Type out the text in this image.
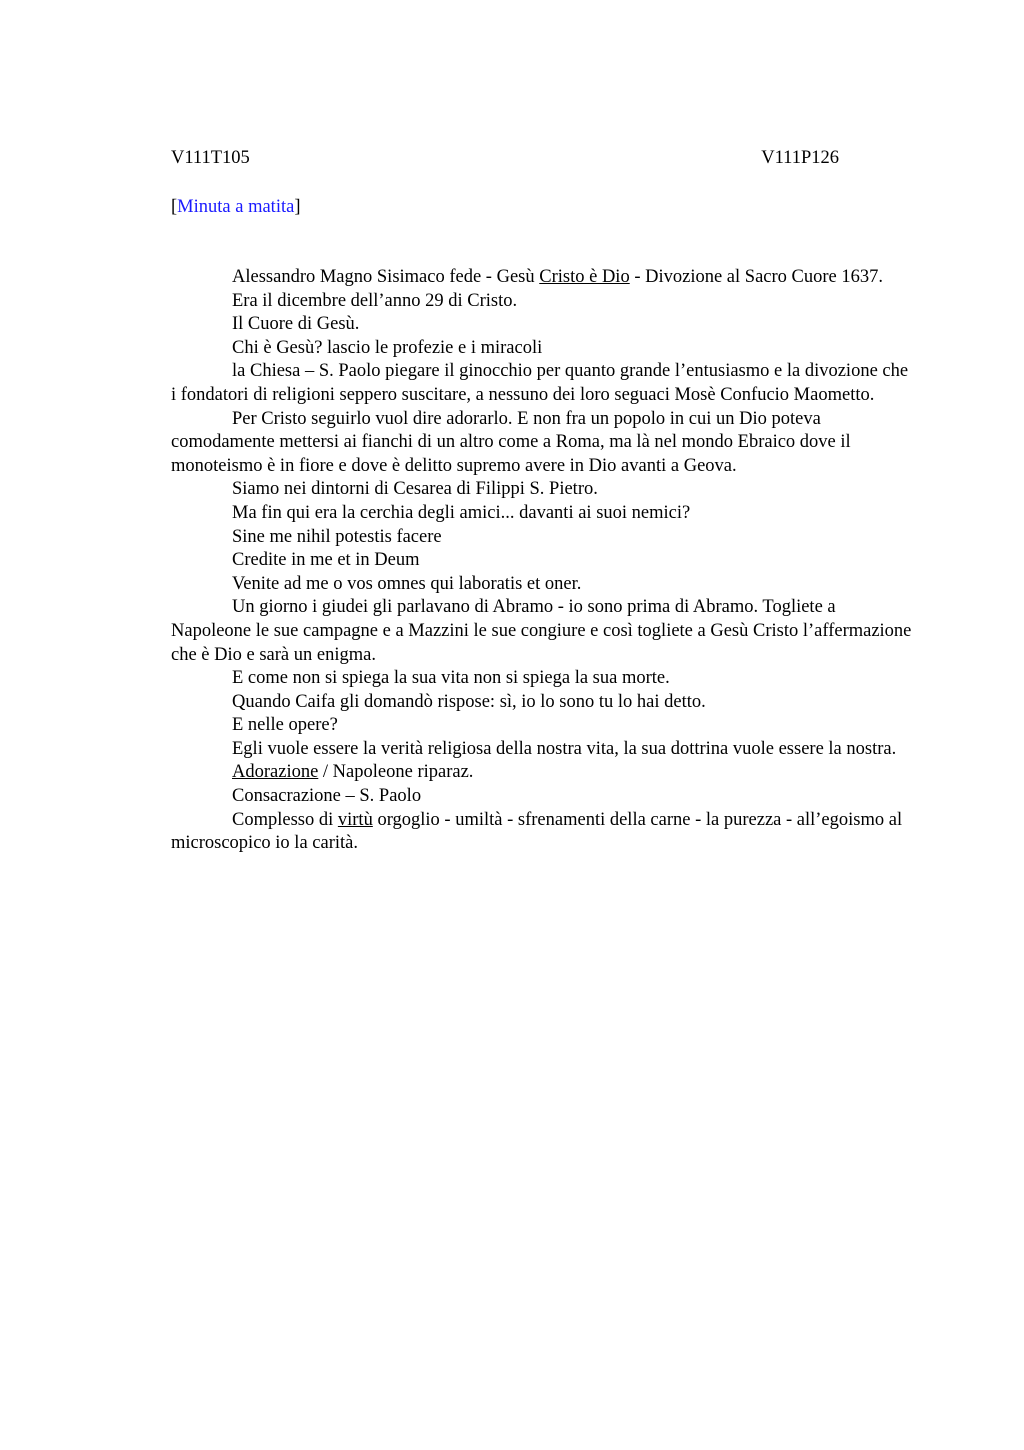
V111T105	V111P126
[Minuta a matita]

Alessandro Magno Sisimaco fede - Gesù Cristo è Dio - Divozione al Sacro Cuore 1637.

Era il dicembre dell’anno 29 di Cristo.

Il Cuore di Gesù.

Chi è Gesù? lascio le profezie e i miracoli

la Chiesa – S. Paolo piegare il ginocchio per quanto grande l’entusiasmo e la divozione che i fondatori di religioni seppero suscitare, a nessuno dei loro seguaci Mosè Confucio Maometto.

Per Cristo seguirlo vuol dire adorarlo. E non fra un popolo in cui un Dio poteva comodamente mettersi ai fianchi di un altro come a Roma, ma là nel mondo Ebraico dove il monoteismo è in fiore e dove è delitto supremo avere in Dio avanti a Geova.

Siamo nei dintorni di Cesarea di Filippi S. Pietro.

Ma fin qui era la cerchia degli amici... davanti ai suoi nemici?

Sine me nihil potestis facere

Credite in me et in Deum

Venite ad me o vos omnes qui laboratis et oner.

Un giorno i giudei gli parlavano di Abramo - io sono prima di Abramo. Togliete a Napoleone le sue campagne e a Mazzini le sue congiure e così togliete a Gesù Cristo l’affermazione che è Dio e sarà un enigma.

E come non si spiega la sua vita non si spiega la sua morte.

Quando Caifa gli domandò rispose: sì, io lo sono tu lo hai detto.

E nelle opere?

Egli vuole essere la verità religiosa della nostra vita, la sua dottrina vuole essere la nostra.

Adorazione / Napoleone riparaz.

Consacrazione – S. Paolo

Complesso di virtù orgoglio - umiltà - sfrenamenti della carne - la purezza - all’egoismo al microscopico io la carità.
